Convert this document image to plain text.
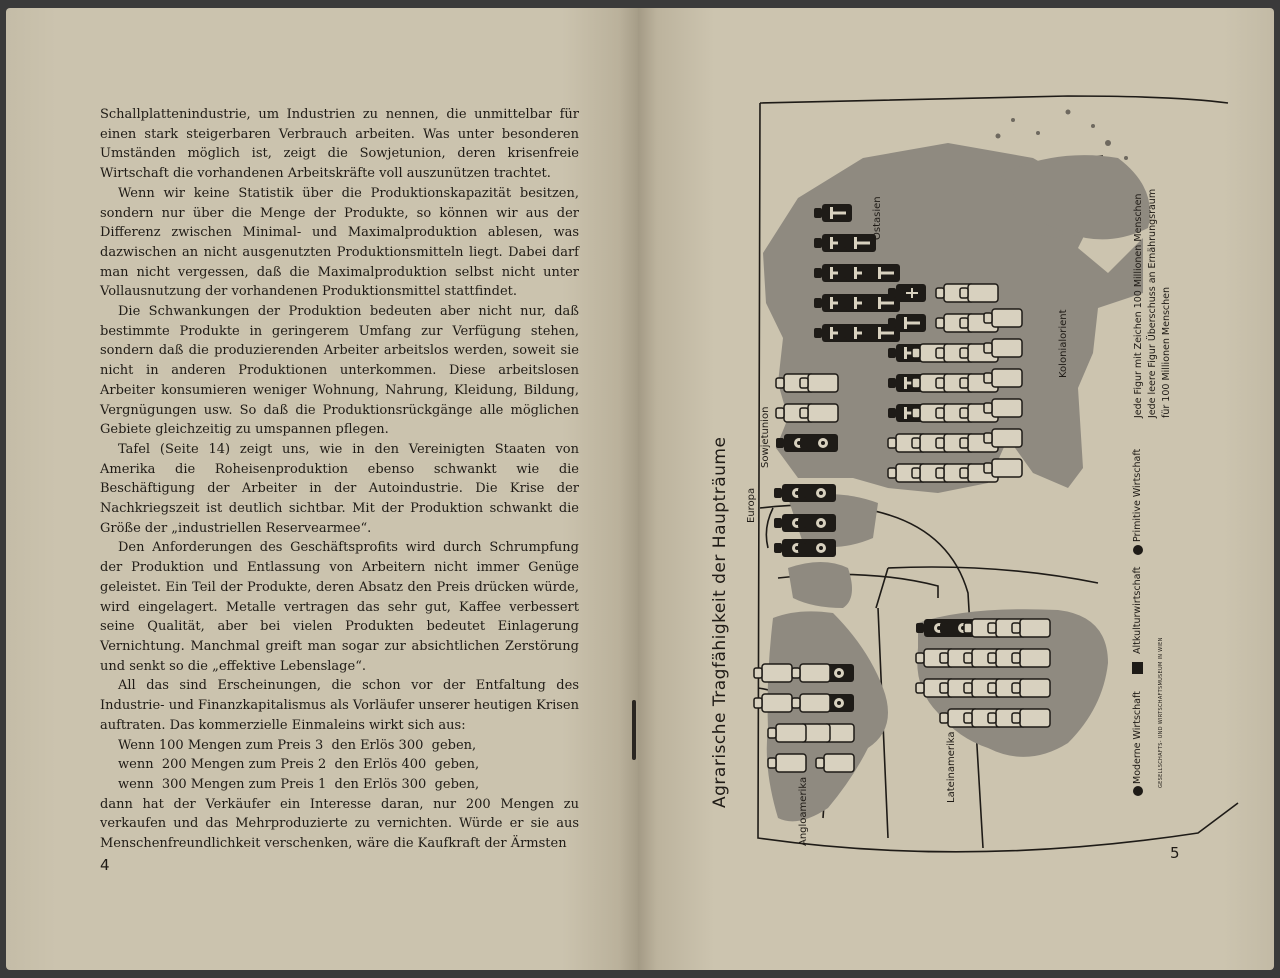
Schallplattenindustrie, um Industrien zu nennen, die unmittelbar für einen stark steigerbaren Verbrauch arbeiten. Was unter besonderen Umständen möglich ist, zeigt die Sowjetunion, deren krisenfreie Wirtschaft die vorhandenen Arbeitskräfte voll auszunützen trachtet.

Wenn wir keine Statistik über die Produktionskapazität besitzen, sondern nur über die Menge der Produkte, so können wir aus der Differenz zwischen Minimal- und Maximalproduktion ablesen, was dazwischen an nicht ausgenutzten Produktionsmitteln liegt. Dabei darf man nicht vergessen, daß die Maximalproduktion selbst nicht unter Vollausnutzung der vorhandenen Produktionsmittel stattfindet.

Die Schwankungen der Produktion bedeuten aber nicht nur, daß bestimmte Produkte in geringerem Umfang zur Verfügung stehen, sondern daß die produzierenden Arbeiter arbeitslos werden, soweit sie nicht in anderen Produktionen unterkommen. Diese arbeitslosen Arbeiter konsumieren weniger Wohnung, Nahrung, Kleidung, Bildung, Vergnügungen usw. So daß die Produktionsrückgänge alle möglichen Gebiete gleichzeitig zu umspannen pflegen.

Tafel (Seite 14) zeigt uns, wie in den Vereinigten Staaten von Amerika die Roheisenproduktion ebenso schwankt wie die Beschäftigung der Arbeiter in der Autoindustrie. Die Krise der Nachkriegszeit ist deutlich sichtbar. Mit der Produktion schwankt die Größe der „industriellen Reservearmee“.

Den Anforderungen des Geschäftsprofits wird durch Schrumpfung der Produktion und Entlassung von Arbeitern nicht immer Genüge geleistet. Ein Teil der Produkte, deren Absatz den Preis drücken würde, wird eingelagert. Metalle vertragen das sehr gut, Kaffee verbessert seine Qualität, aber bei vielen Produkten bedeutet Einlagerung Vernichtung. Manchmal greift man sogar zur absichtlichen Zerstörung und senkt so die „effektive Lebenslage“.

All das sind Erscheinungen, die schon vor der Entfaltung des Industrie- und Finanzkapitalismus als Vorläufer unserer heutigen Krisen auftraten. Das kommerzielle Einmaleins wirkt sich aus:

Wenn 100 Mengen zum Preis 3  den Erlös 300  geben,
wenn  200 Mengen zum Preis 2  den Erlös 400  geben,
wenn  300 Mengen zum Preis 1  den Erlös 300  geben,

dann hat der Verkäufer ein Interesse daran, nur 200 Mengen zu verkaufen und das Mehrproduzierte zu vernichten. Würde er sie aus Menschenfreundlichkeit verschenken, wäre die Kaufkraft der Ärmsten

4
Agrarische Tragfähigkeit der Haupträume
Angloamerika
Lateinamerika
Europa
Sowjetunion
Ostasien
Kolonialorient
Moderne Wirtschaft
Altkulturwirtschaft
Primitive Wirtschaft
GESELLSCHAFTS- UND WIRTSCHAFTSMUSEUM IN WIEN
Jede Figur mit Zeichen 100 Millionen Menschen Jede leere Figur Überschuss an Ernährungsraum für 100 Millionen Menschen
5
